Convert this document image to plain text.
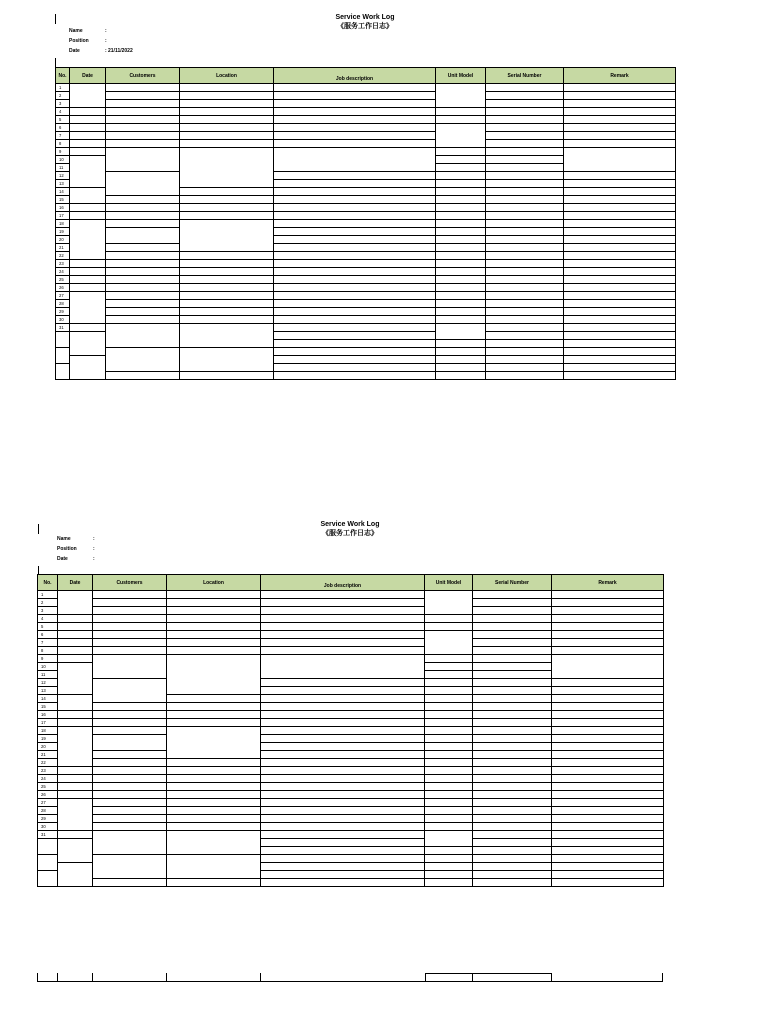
Service Work Log
《服务工作日志》
Name	:
Position	:
Date	: 21/11/2022
No.	Date	Customers	Location	Job description	Unit Model	Serial Number	Remark
1							
2							
3							
4							
5							
6							
7							
8							
9							
10							
11							
12							
13							
14							
15							
16							
17							
18							
19							
20							
21							
22							
23							
24							
25							
26							
27							
28							
29							
30							
31							

Service Work Log
《服务工作日志》
Name	:
Position	:
Date	:
No.	Date	Customers	Location	Job description	Unit Model	Serial Number	Remark
1							
2							
3							
4							
5							
6							
7							
8							
9							
10							
11							
12							
13							
14							
15							
16							
17							
18							
19							
20							
21							
22							
23							
24							
25							
26							
27							
28							
29							
30							
31							
